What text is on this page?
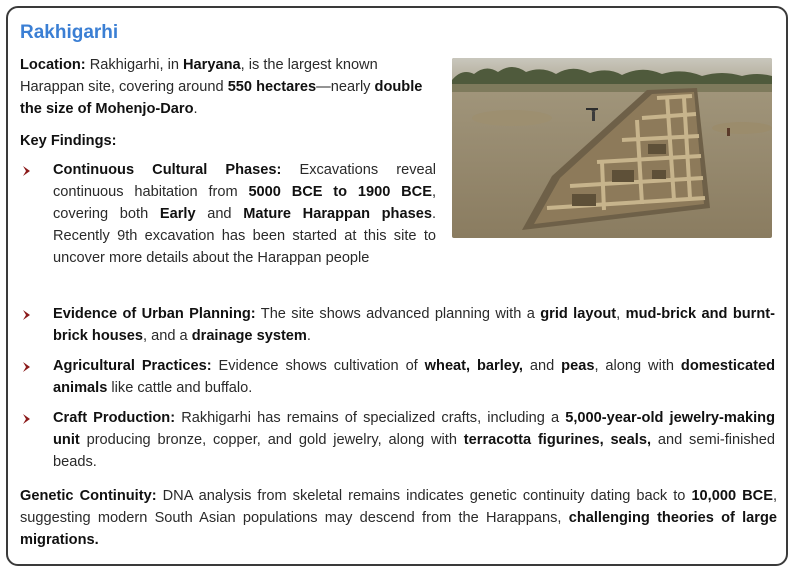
Rakhigarhi
Location: Rakhigarhi, in Haryana, is the largest known Harappan site, covering around 550 hectares—nearly double the size of Mohenjo-Daro.
Key Findings:
Continuous Cultural Phases: Excavations reveal continuous habitation from 5000 BCE to 1900 BCE, covering both Early and Mature Harappan phases. Recently 9th excavation has been started at this site to uncover more details about the Harappan people
Evidence of Urban Planning: The site shows advanced planning with a grid layout, mud-brick and burnt-brick houses, and a drainage system.
Agricultural Practices: Evidence shows cultivation of wheat, barley, and peas, along with domesticated animals like cattle and buffalo.
Craft Production: Rakhigarhi has remains of specialized crafts, including a 5,000-year-old jewelry-making unit producing bronze, copper, and gold jewelry, along with terracotta figurines, seals, and semi-finished beads.
Genetic Continuity: DNA analysis from skeletal remains indicates genetic continuity dating back to 10,000 BCE, suggesting modern South Asian populations may descend from the Harappans, challenging theories of large migrations.
